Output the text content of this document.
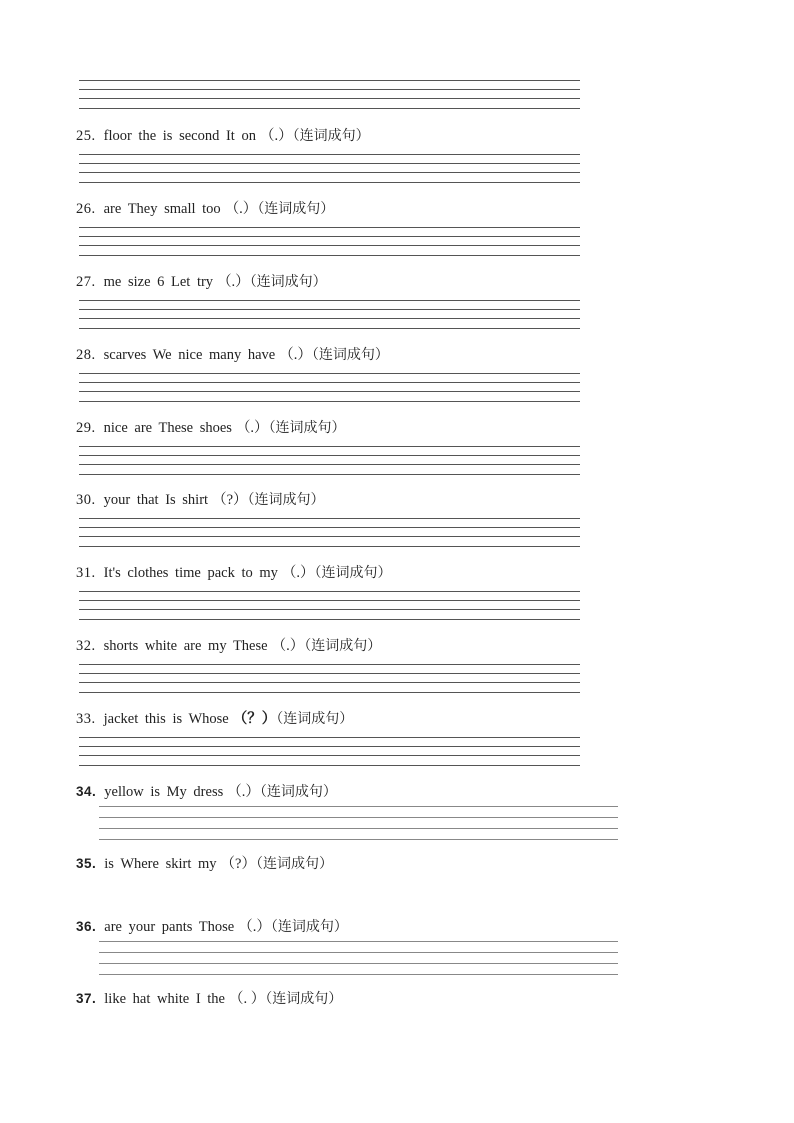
25. floor the is second It on （.）（连词成句）
26. are They small too （.）（连词成句）
27. me size 6 Let try （.）（连词成句）
28. scarves We nice many have （.）（连词成句）
29. nice are These shoes （.）（连词成句）
30. your that Is shirt （?）（连词成句）
31. It's clothes time pack to my （.）（连词成句）
32. shorts white are my These （.）（连词成句）
33. jacket this is Whose （？）（连词成句）
34. yellow is My dress （.）（连词成句）
35. is Where skirt my （?）（连词成句）
36. are your pants Those （.）（连词成句）
37. like hat white I the （. ）（连词成句）
